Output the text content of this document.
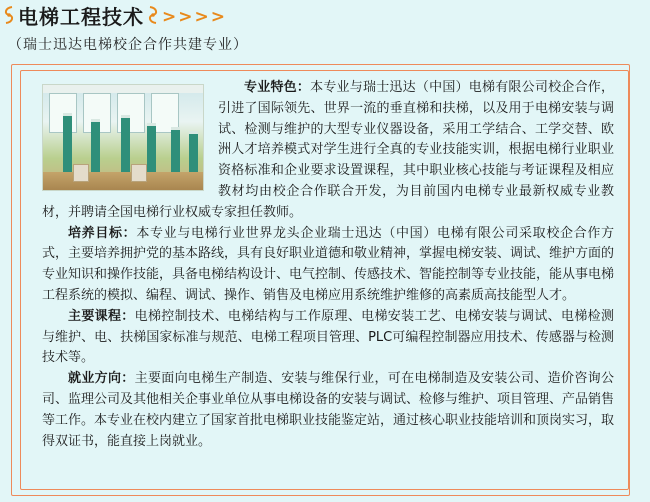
电梯工程技术 >>>>
（瑞士迅达电梯校企合作共建专业）

专业特色：本专业与瑞士迅达（中国）电梯有限公司校企合作，引进了国际领先、世界一流的垂直梯和扶梯，以及用于电梯安装与调试、检测与维护的大型专业仪器设备，采用工学结合、工学交替、欧洲人才培养模式对学生进行全真的专业技能实训，根据电梯行业职业资格标准和企业要求设置课程，其中职业核心技能与考证课程及相应教材均由校企合作联合开发，为目前国内电梯专业最新权威专业教材，并聘请全国电梯行业权威专家担任教师。

培养目标：本专业与电梯行业世界龙头企业瑞士迅达（中国）电梯有限公司采取校企合作方式，主要培养拥护党的基本路线，具有良好职业道德和敬业精神，掌握电梯安装、调试、维护方面的专业知识和操作技能，具备电梯结构设计、电气控制、传感技术、智能控制等专业技能，能从事电梯工程系统的模拟、编程、调试、操作、销售及电梯应用系统维护维修的高素质高技能型人才。

主要课程：电梯控制技术、电梯结构与工作原理、电梯安装工艺、电梯安装与调试、电梯检测与维护、电、扶梯国家标准与规范、电梯工程项目管理、PLC可编程控制器应用技术、传感器与检测技术等。

就业方向：主要面向电梯生产制造、安装与维保行业，可在电梯制造及安装公司、造价咨询公司、监理公司及其他相关企事业单位从事电梯设备的安装与调试、检修与维护、项目管理、产品销售等工作。本专业在校内建立了国家首批电梯职业技能鉴定站，通过核心职业技能培训和顶岗实习，取得双证书，能直接上岗就业。
